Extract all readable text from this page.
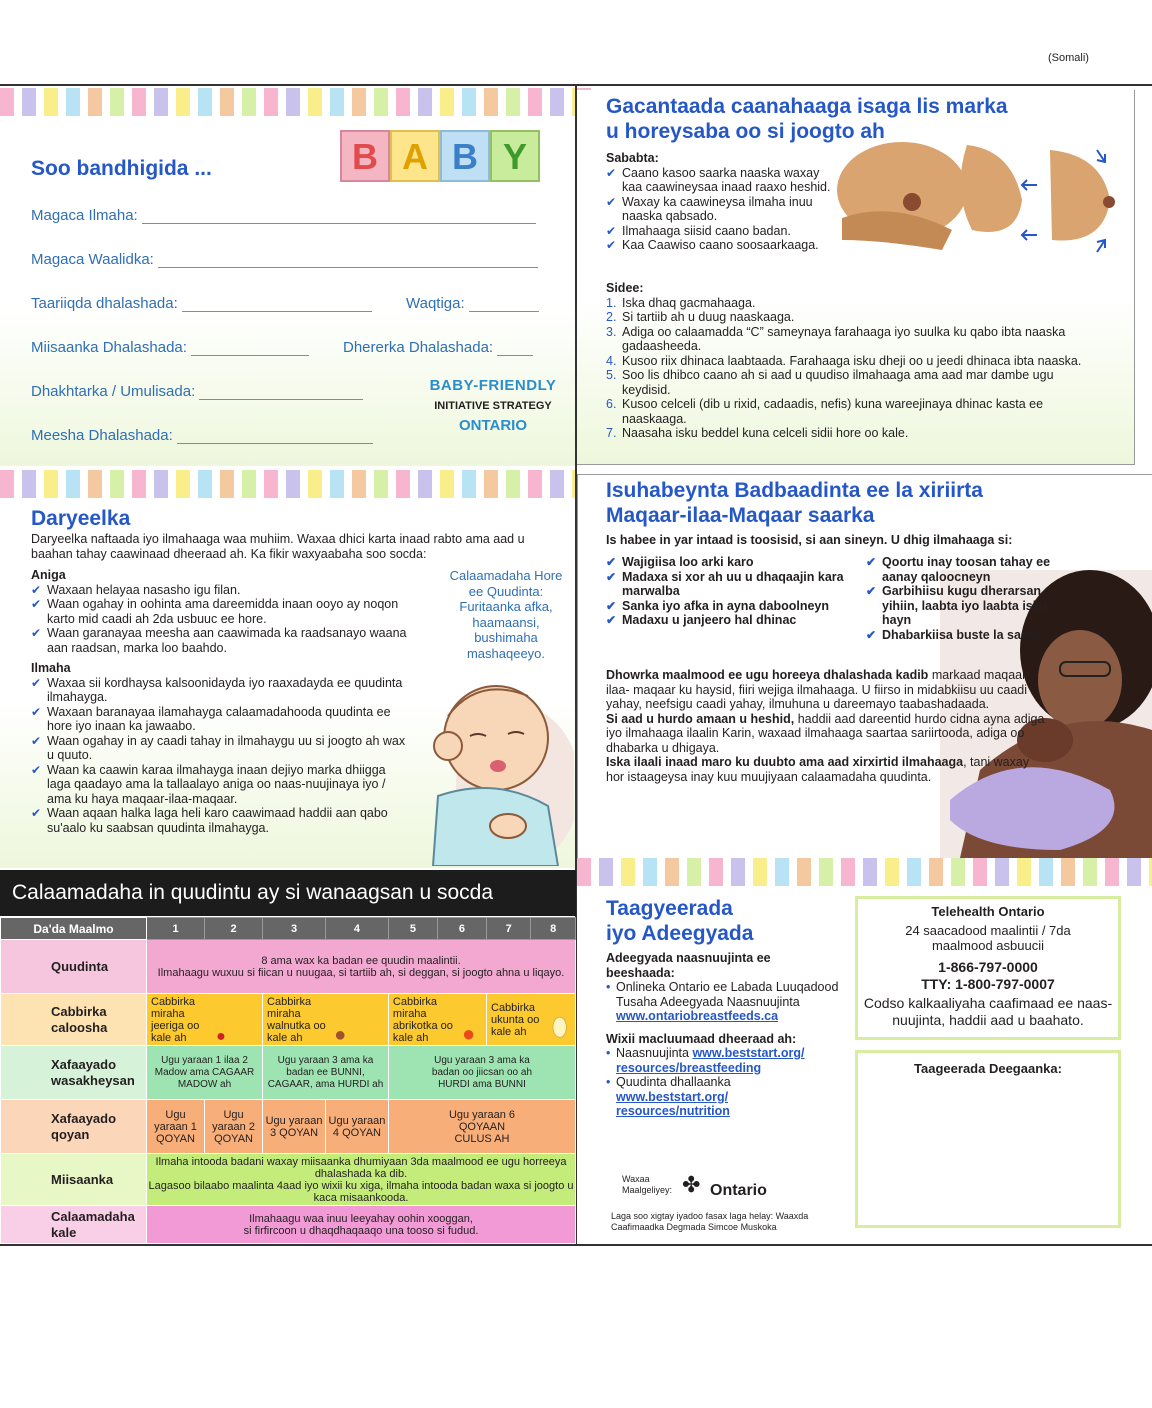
(Somali)
B A B Y
Soo bandhigida ...
Magaca Ilmaha:
Magaca Waalidka:
Taariiqda dhalashada:	Waqtiga:
Miisaanka Dhalashada:	Dhererka Dhalashada:
Dhakhtarka / Umulisada:
Meesha Dhalashada:
BABY-FRIENDLY
INITIATIVE STRATEGY
ONTARIO
Gacantaada caanahaaga isaga lis marka
u horeysaba oo si joogto ah
Sababta:
✔ Caano kasoo saarka naaska waxay kaa caawineysaa inaad raaxo heshid.
✔ Waxay ka caawineysa ilmaha inuu naaska qabsado.
✔ Ilmahaaga siisid caano badan.
✔ Kaa Caawiso caano soosaarkaaga.
Sidee:
1. Iska dhaq gacmahaaga.
2. Si tartiib ah u duug naaskaaga.
3. Adiga oo calaamadda “C” sameynaya farahaaga iyo suulka ku qabo ibta naaska gadaasheeda.
4. Kusoo riix dhinaca laabtaada. Farahaaga isku dheji oo u jeedi dhinaca ibta naaska.
5. Soo lis dhibco caano ah si aad u quudiso ilmahaaga ama aad mar dambe ugu keydisid.
6. Kusoo celceli (dib u rixid, cadaadis, nefis) kuna wareejinaya dhinac kasta ee naaskaaga.
7. Naasaha isku beddel kuna celceli sidii hore oo kale.
Daryeelka
Daryeelka naftaada iyo ilmahaaga waa muhiim. Waxaa dhici karta inaad rabto ama aad u baahan tahay caawinaad dheeraad ah. Ka fikir waxyaabaha soo socda:
Aniga
✔ Waxaan helayaa nasasho igu filan.
✔ Waan ogahay in oohinta ama dareemidda inaan ooyo ay noqon karto mid caadi ah 2da usbuuc ee hore.
✔ Waan garanayaa meesha aan caawimada ka raadsanayo waana aan raadsan, marka loo baahdo.
Ilmaha
✔ Waxaa sii kordhaysa kalsoonidayda iyo raaxadayda ee quudinta ilmahayga.
✔ Waxaan baranayaa ilamahayga calaamadahooda quudinta ee hore iyo inaan ka jawaabo.
✔ Waan ogahay in ay caadi tahay in ilmahaygu uu si joogto ah wax u quuto.
✔ Waan ka caawin karaa ilmahayga inaan dejiyo marka dhiigga laga qaadayo ama la tallaalayo aniga oo naas-nuujinaya iyo / ama ku haya maqaar-ilaa-maqaar.
✔ Waan aqaan halka laga heli karo caawimaad haddii aan qabo su'aalo ku saabsan quudinta ilmahayga.
Calaamadaha Hore ee Quudinta: Furitaanka afka, haamaansi, bushimaha mashaqeeyo.
Isuhabeynta Badbaadinta ee la xiriirta
Maqaar-ilaa-Maqaar saarka
Is habee in yar intaad is toosisid, si aan sineyn. U dhig ilmahaaga si:
✔ Wajigiisa loo arki karo
✔ Madaxa si xor ah uu u dhaqaajin kara marwalba
✔ Sanka iyo afka in ayna daboolneyn
✔ Madaxu u janjeero hal dhinac
✔ Qoortu inay toosan tahay ee aanay qaloocneyn
✔ Garbihiisu kugu dherarsan yihiin, laabta iyo laabta isku hayn
✔ Dhabarkiisa buste la saaro
Dhowrka maalmood ee ugu horeeya dhalashada kadib markaad maqaar-ilaa- maqaar ku haysid, fiiri wejiga ilmahaaga. U fiirso in midabkiisu uu caadi yahay, neefsigu caadi yahay, ilmuhuna u dareemayo taabashadaada.
Si aad u hurdo amaan u heshid, haddii aad dareentid hurdo cidna ayna adiga iyo ilmahaaga ilaalin Karin, waxaad ilmahaaga saartaa sariirtooda, adiga oo dhabarka u dhigaya.
Iska ilaali inaad maro ku duubto ama aad xirxirtid ilmahaaga, tani waxay hor istaageysa inay kuu muujiyaan calaamadaha quudinta.
Calaamadaha in quudintu ay si wanaagsan u socda
Da'da Maalmo	1	2	3	4	5	6	7	8
Quudinta	8 ama wax ka badan ee quudin maalintii.
Ilmahaagu wuxuu si fiican u nuugaa, si tartiib ah, si deggan, si joogto ahna u liqayo.							

Cabbirka caloosha	Cabbirka miraha jeeriga oo kale ah ●		Cabbirka miraha walnutka oo kale ah ●		Cabbirka miraha abrikotka oo kale ah ●		Cabbirka ukunta oo kale ah ⬮	
Xafaayado wasakheysan	Ugu yaraan 1 ilaa 2 Madow ama CAGAAR MADOW ah		Ugu yaraan 3 ama ka badan ee BUNNI, CAGAAR, ama HURDI ah		Ugu yaraan 3 ama ka badan oo jiicsan oo ah HURDI ama BUNNI			
Xafaayado qoyan	Ugu yaraan 1 QOYAN	Ugu yaraan 2 QOYAN	Ugu yaraan 3 QOYAN	Ugu yaraan 4 QOYAN	Ugu yaraan 6 QOYAAN CULUS AH			
Miisaanka	Ilmaha intooda badani waxay miisaanka dhumiyaan 3da maalmood ee ugu horreeya dhalashada ka dib.
Lagasoo bilaabo maalinta 4aad iyo wixii ku xiga, ilmaha intooda badan waxa si joogto u kaca misaankooda.							

Calaamadaha kale	Ilmahaagu waa inuu leeyahay oohin xooggan,
si firfircoon u dhaqdhaqaaqo una tooso si fudud.							
Taagyeerada
iyo Adeegyada
Adeegyada naasnuujinta ee beeshaada:
• Onlineka Ontario ee Labada Luuqadood Tusaha Adeegyada Naasnuujinta
www.ontariobreastfeeds.ca
Wixii macluumaad dheeraad ah:
• Naasnuujinta www.beststart.org/ resources/breastfeeding
• Quudinta dhallaanka
www.beststart.org/ resources/nutrition
Waxaa Maalgeliyey: ✤ Ontario
Laga soo xigtay iyadoo fasax laga helay: Waaxda Caafimaadka Degmada Simcoe Muskoka
Telehealth Ontario
24 saacadood maalintii / 7da maalmood asbuucii
1-866-797-0000
TTY: 1-800-797-0007
Codso kalkaaliyaha caafimaad ee naas-nuujinta, haddii aad u baahato.
Taageerada Deegaanka:
